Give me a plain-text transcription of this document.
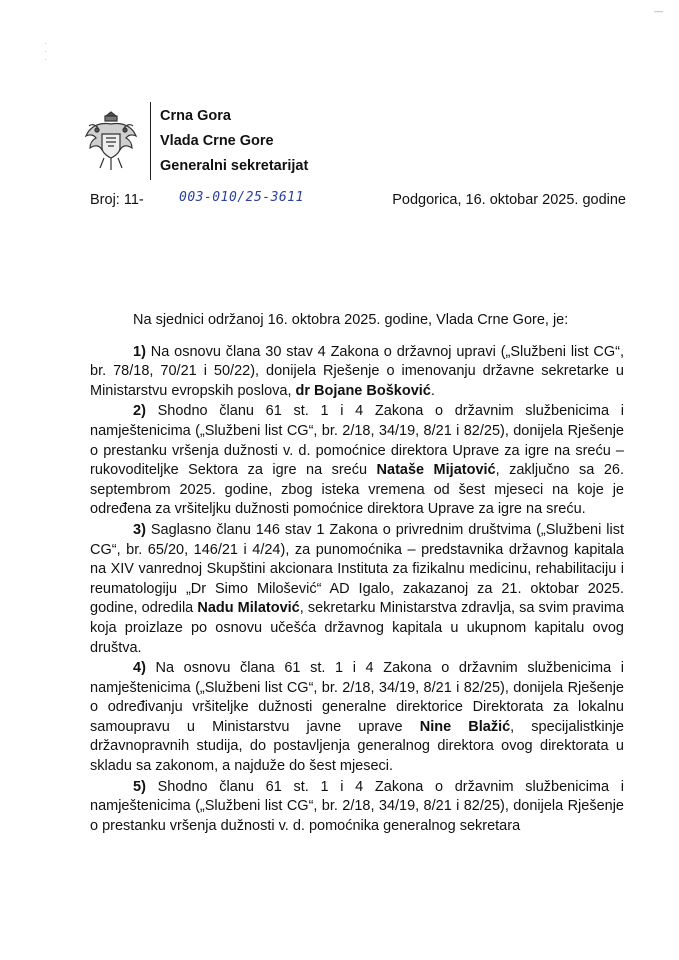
—
·
·
·
Crna Gora
Vlada Crne Gore
Generalni sekretarijat
Broj: 11-	003-010/25-3611	Podgorica, 16. oktobar 2025. godine

Na sjednici održanoj 16. oktobra 2025. godine, Vlada Crne Gore, je:

1) Na osnovu člana 30 stav 4 Zakona o državnoj upravi („Službeni list CG“, br. 78/18, 70/21 i 50/22), donijela Rješenje o imenovanju državne sekretarke u Ministarstvu evropskih poslova, dr Bojane Bošković.

2) Shodno članu 61 st. 1 i 4 Zakona o državnim službenicima i namještenicima („Službeni list CG“, br. 2/18, 34/19, 8/21 i 82/25), donijela Rješenje o prestanku vršenja dužnosti v. d. pomoćnice direktora Uprave za igre na sreću – rukovoditeljke Sektora za igre na sreću Nataše Mijatović, zaključno sa 26. septembrom 2025. godine, zbog isteka vremena od šest mjeseci na koje je određena za vršiteljku dužnosti pomoćnice direktora Uprave za igre na sreću.

3) Saglasno članu 146 stav 1 Zakona o privrednim društvima („Službeni list CG“, br. 65/20, 146/21 i 4/24), za punomoćnika – predstavnika državnog kapitala na XIV vanrednoj Skupštini akcionara Instituta za fizikalnu medicinu, rehabilitaciju i reumatologiju „Dr Simo Milošević“ AD Igalo, zakazanoj za 21. oktobar 2025. godine, odredila Nadu Milatović, sekretarku Ministarstva zdravlja, sa svim pravima koja proizlaze po osnovu učešća državnog kapitala u ukupnom kapitalu ovog društva.

4) Na osnovu člana 61 st. 1 i 4 Zakona o državnim službenicima i namještenicima („Službeni list CG“, br. 2/18, 34/19, 8/21 i 82/25), donijela Rješenje o određivanju vršiteljke dužnosti generalne direktorice Direktorata za lokalnu samoupravu u Ministarstvu javne uprave Nine Blažić, specijalistkinje državnopravnih studija, do postavljenja generalnog direktora ovog direktorata u skladu sa zakonom, a najduže do šest mjeseci.

5) Shodno članu 61 st. 1 i 4 Zakona o državnim službenicima i namještenicima („Službeni list CG“, br. 2/18, 34/19, 8/21 i 82/25), donijela Rješenje o prestanku vršenja dužnosti v. d. pomoćnika generalnog sekretara
